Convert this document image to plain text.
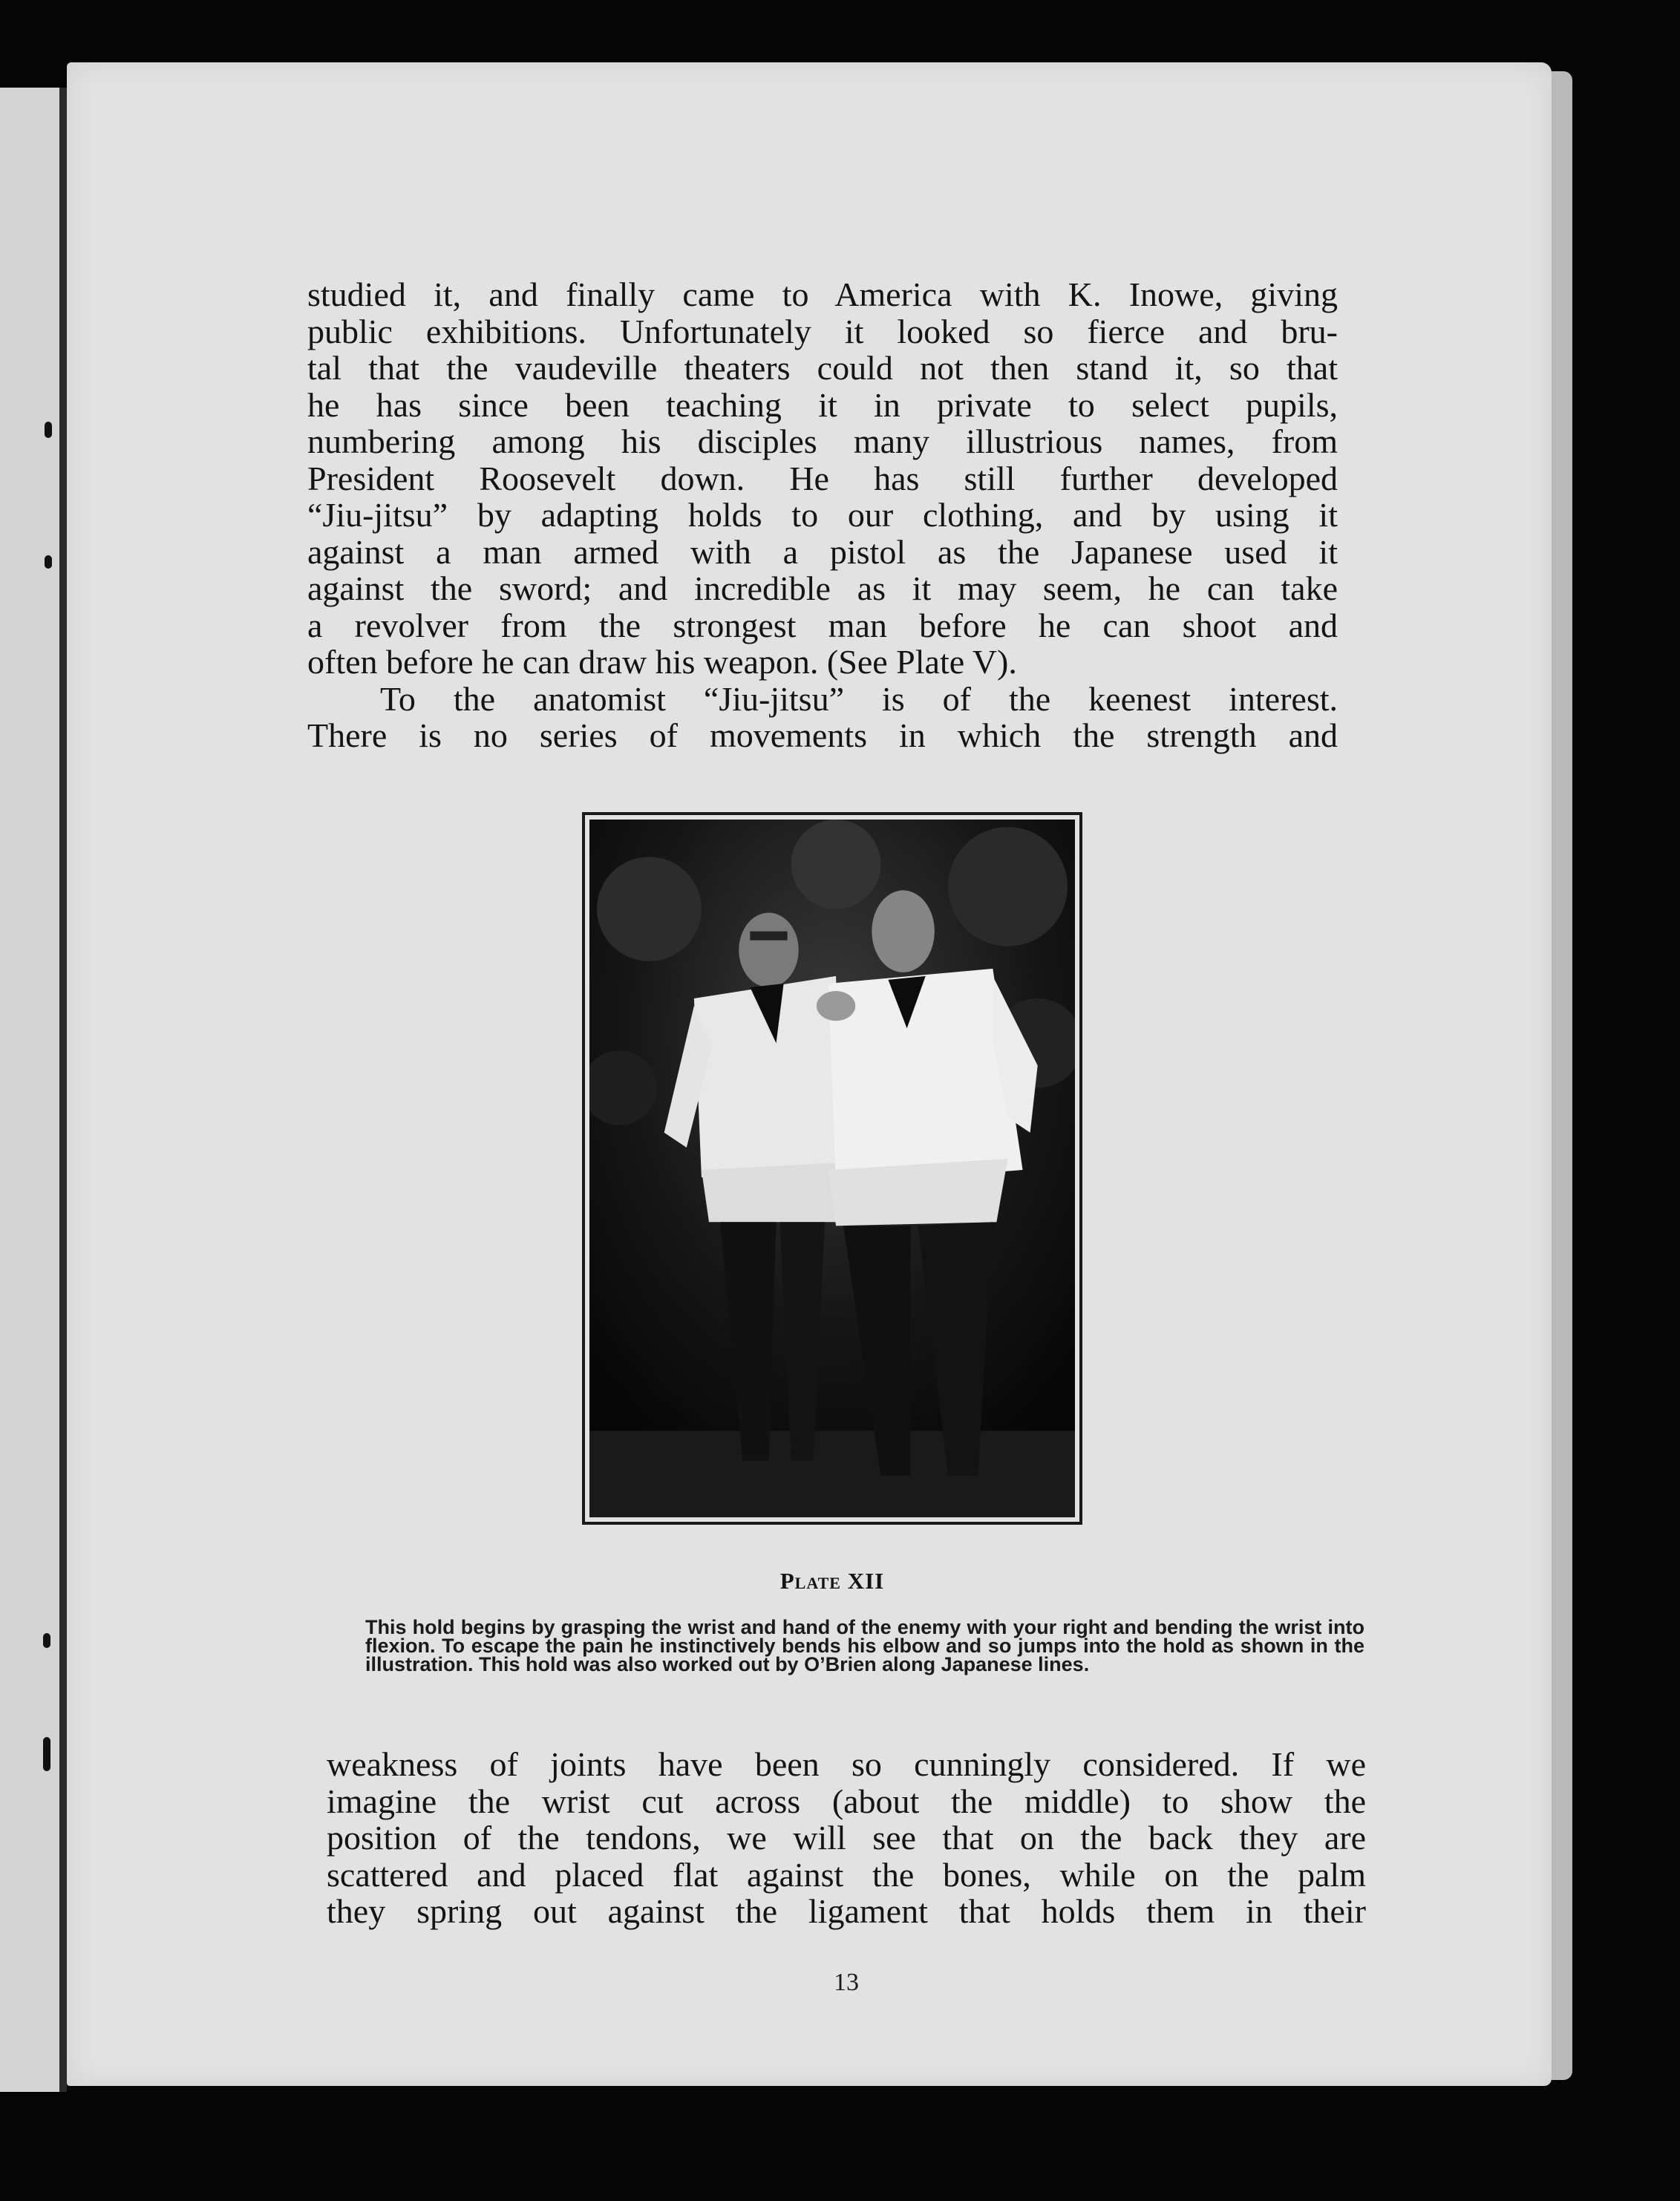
studied it, and finally came to America with K. Inowe, giving

public exhibitions. Unfortunately it looked so fierce and bru-

tal that the vaudeville theaters could not then stand it, so that

he has since been teaching it in private to select pupils,

numbering among his disciples many illustrious names, from

President Roosevelt down. He has still further developed

“Jiu-jitsu” by adapting holds to our clothing, and by using it

against a man armed with a pistol as the Japanese used it

against the sword; and incredible as it may seem, he can take

a revolver from the strongest man before he can shoot and

often before he can draw his weapon. (See Plate V).

To the anatomist “Jiu-jitsu” is of the keenest interest.

There is no series of movements in which the strength and

Plate XII

This hold begins by grasping the wrist and hand of the enemy with your right and bending the wrist into flexion. To escape the pain he instinctively bends his elbow and so jumps into the hold as shown in the illustration. This hold was also worked out by O’Brien along Japanese lines.

weakness of joints have been so cunningly considered. If we

imagine the wrist cut across (about the middle) to show the

position of the tendons, we will see that on the back they are

scattered and placed flat against the bones, while on the palm

they spring out against the ligament that holds them in their

13
